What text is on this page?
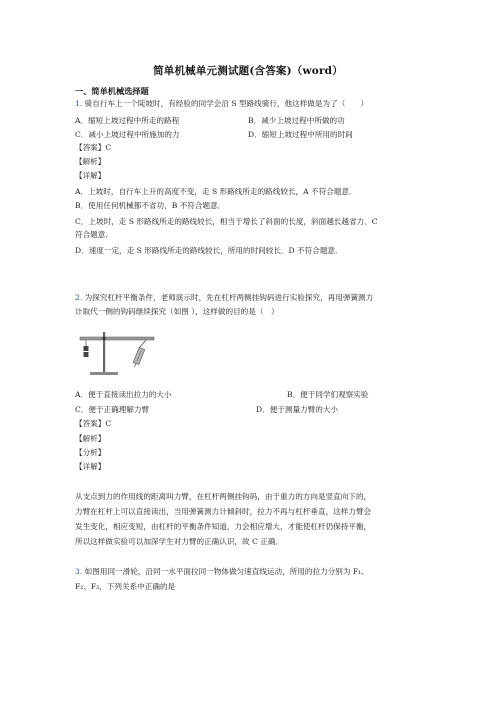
简单机械单元测试题(含答案)（word）
一、简单机械选择题
1. 骑自行车上一个陡坡时，有经验的同学会沿 S 型路线骑行，他这样做是为了（　　）
A．缩短上坡过程中所走的路程	B．减少上坡过程中所做的功
C．减小上坡过程中所施加的力	D．缩短上坡过程中所用的时间
【答案】C
【解析】
【详解】
A．上坡时，自行车上升的高度不变，走 S 形路线所走的路线较长，A 不符合题意．
B．使用任何机械都不省功，B 不符合题意．
C．上坡时，走 S 形路线所走的路线较长，相当于增长了斜面的长度，斜面越长越省力．C
符合题意．
D．速度一定，走 S 形路线所走的路线较长，所用的时间较长．D 不符合题意．
2. 为探究杠杆平衡条件，老师演示时，先在杠杆两侧挂钩码进行实验探究，再用弹簧测力
计取代一侧的钩码继续探究（如图 ），这样做的目的是（　）
A．便于直接读出拉力的大小	B．便于同学们观察实验
C．便于正确理解力臂	D．便于测量力臂的大小
【答案】C
【解析】
【分析】
【详解】
从支点到力的作用线的距离叫力臂，在杠杆两侧挂钩码，由于重力的方向是竖直向下的，
力臂在杠杆上可以直接读出，当用弹簧测力计倾斜时，拉力不再与杠杆垂直，这样力臂会
发生变化，相应变短，由杠杆的平衡条件知道，力会相应增大，才能使杠杆仍保持平衡，
所以这样做实验可以加深学生对力臂的正确认识，故 C 正确．
3. 如图用同一滑轮，沿同一水平面拉同一物体做匀速直线运动，所用的拉力分别为 F₁、
F₂、F₃，下列关系中正确的是
